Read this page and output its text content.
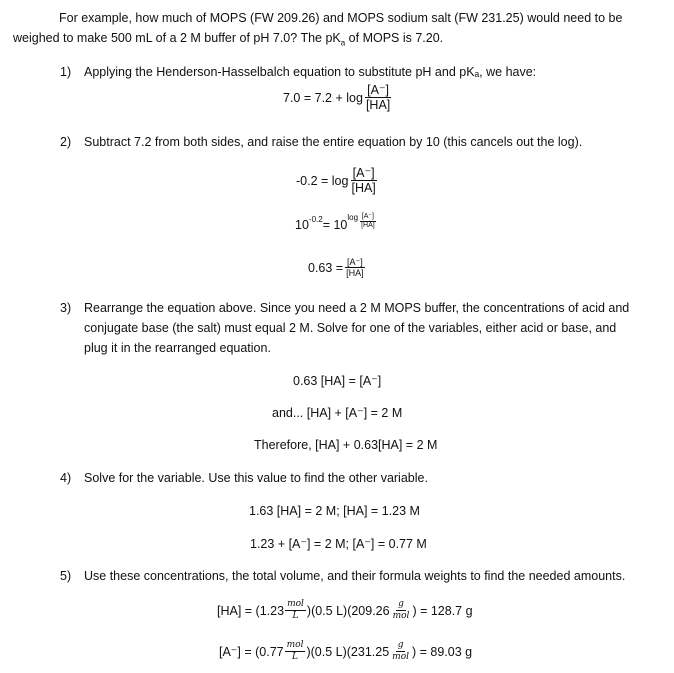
For example, how much of MOPS (FW 209.26) and MOPS sodium salt (FW 231.25) would need to be
weighed to make 500 mL of a 2 M buffer of pH 7.0? The $pK_a$ of MOPS is 7.20.
1) Applying the Henderson-Hasselbalch equation to substitute pH and pKₐ, we have:
$7.0 = 7.2 + \log \frac{[A^-]}{[HA]}$
2) Subtract 7.2 from both sides, and raise the entire equation by 10 (this cancels out the log).
$-0.2 = \log \frac{[A^-]}{[HA]}$
10 -0.2 = 10 $\log \frac{[A^-]}{[HA]}$
$0.63 = \frac{[A^-]}{[HA]}$
3) Rearrange the equation above. Since you need a 2 M MOPS buffer, the concentrations of acid and
conjugate base (the salt) must equal 2 M. Solve for one of the variables, either acid or base, and
plug it in the rearranged equation.
0.63 [HA] = [A⁻]
and... [HA] + [A⁻] = 2 M
Therefore, [HA] + 0.63[HA] = 2 M
4) Solve for the variable. Use this value to find the other variable.
1.63 [HA] = 2 M; [HA] = 1.23 M
1.23 + [A⁻] = 2 M; [A⁻] = 0.77 M
5) Use these concentrations, the total volume, and their formula weights to find the needed amounts.
$[HA] = (1.23 \frac{\text{mol}}{L} )(0.5$ $L)(209.26 \frac{g}{\text{mol}}$ ) = 128.7 g
$[A^-] = (0.77 \frac{\text{mol}}{L} )(0.5$ $L)(231.25 \frac{g}{\text{mol}}$ ) = 89.03 g
